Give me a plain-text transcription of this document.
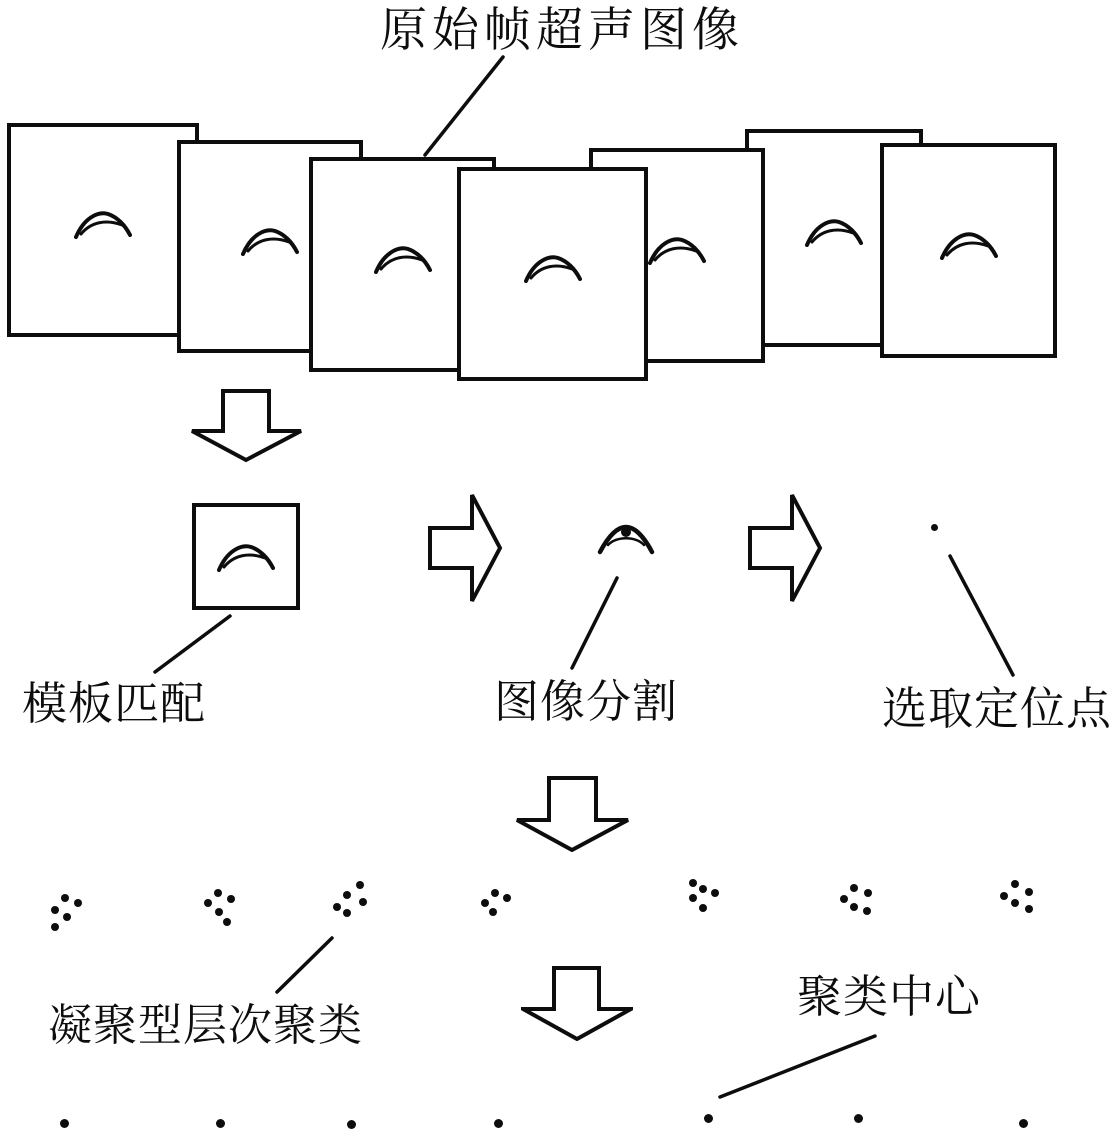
原始帧超声图像
模板匹配	图像分割	选取定位点
凝聚型层次聚类
聚类中心
